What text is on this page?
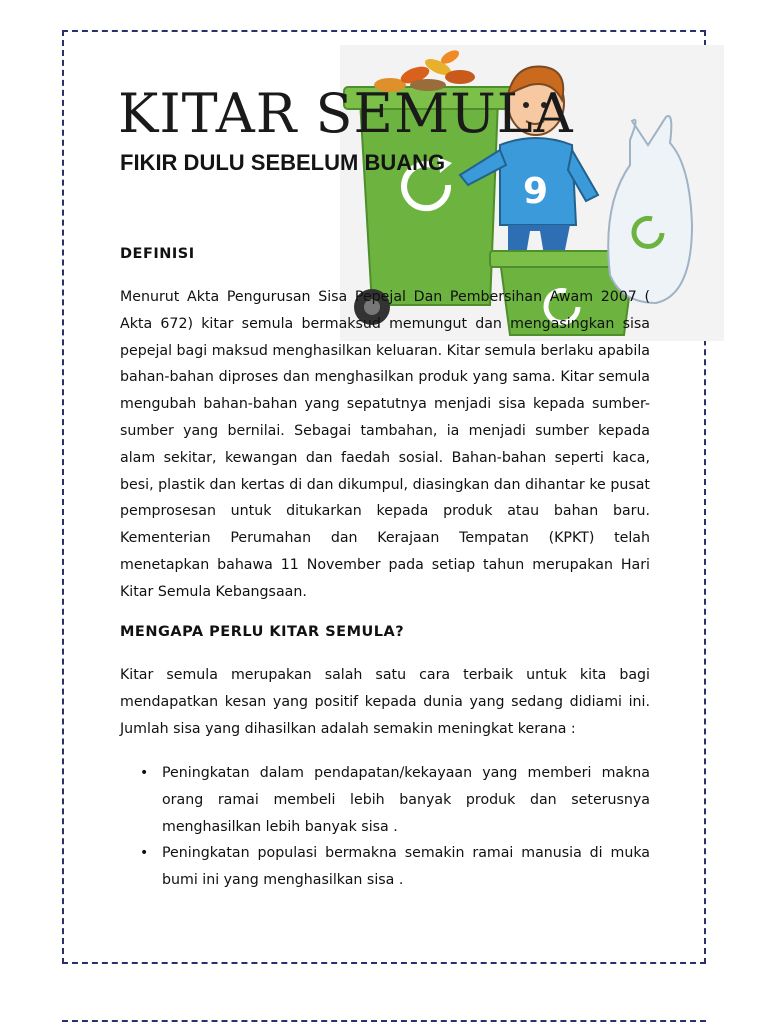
9
KITAR SEMULA
FIKIR DULU SEBELUM BUANG
DEFINISI
Menurut Akta Pengurusan Sisa Pepejal Dan Pembersihan Awam 2007 ( Akta 672) kitar semula bermaksud memungut dan mengasingkan sisa pepejal bagi maksud menghasilkan keluaran. Kitar semula berlaku apabila bahan-bahan diproses dan menghasilkan produk yang sama. Kitar semula mengubah bahan-bahan yang sepatutnya menjadi sisa kepada sumber-sumber yang bernilai. Sebagai tambahan, ia menjadi sumber kepada alam sekitar, kewangan dan faedah sosial. Bahan-bahan seperti kaca, besi, plastik dan kertas di dan dikumpul, diasingkan dan dihantar ke pusat pemprosesan untuk ditukarkan kepada produk atau bahan baru. Kementerian Perumahan dan Kerajaan Tempatan (KPKT) telah menetapkan bahawa 11 November pada setiap tahun merupakan Hari Kitar Semula Kebangsaan.
MENGAPA PERLU KITAR SEMULA?
Kitar semula merupakan salah satu cara terbaik untuk kita bagi mendapatkan kesan yang positif kepada dunia yang sedang didiami ini. Jumlah sisa yang dihasilkan adalah semakin meningkat kerana :
• Peningkatan dalam pendapatan/kekayaan yang memberi makna orang ramai membeli lebih banyak produk dan seterusnya menghasilkan lebih banyak sisa .
• Peningkatan populasi bermakna semakin ramai manusia di muka bumi ini yang menghasilkan sisa .
